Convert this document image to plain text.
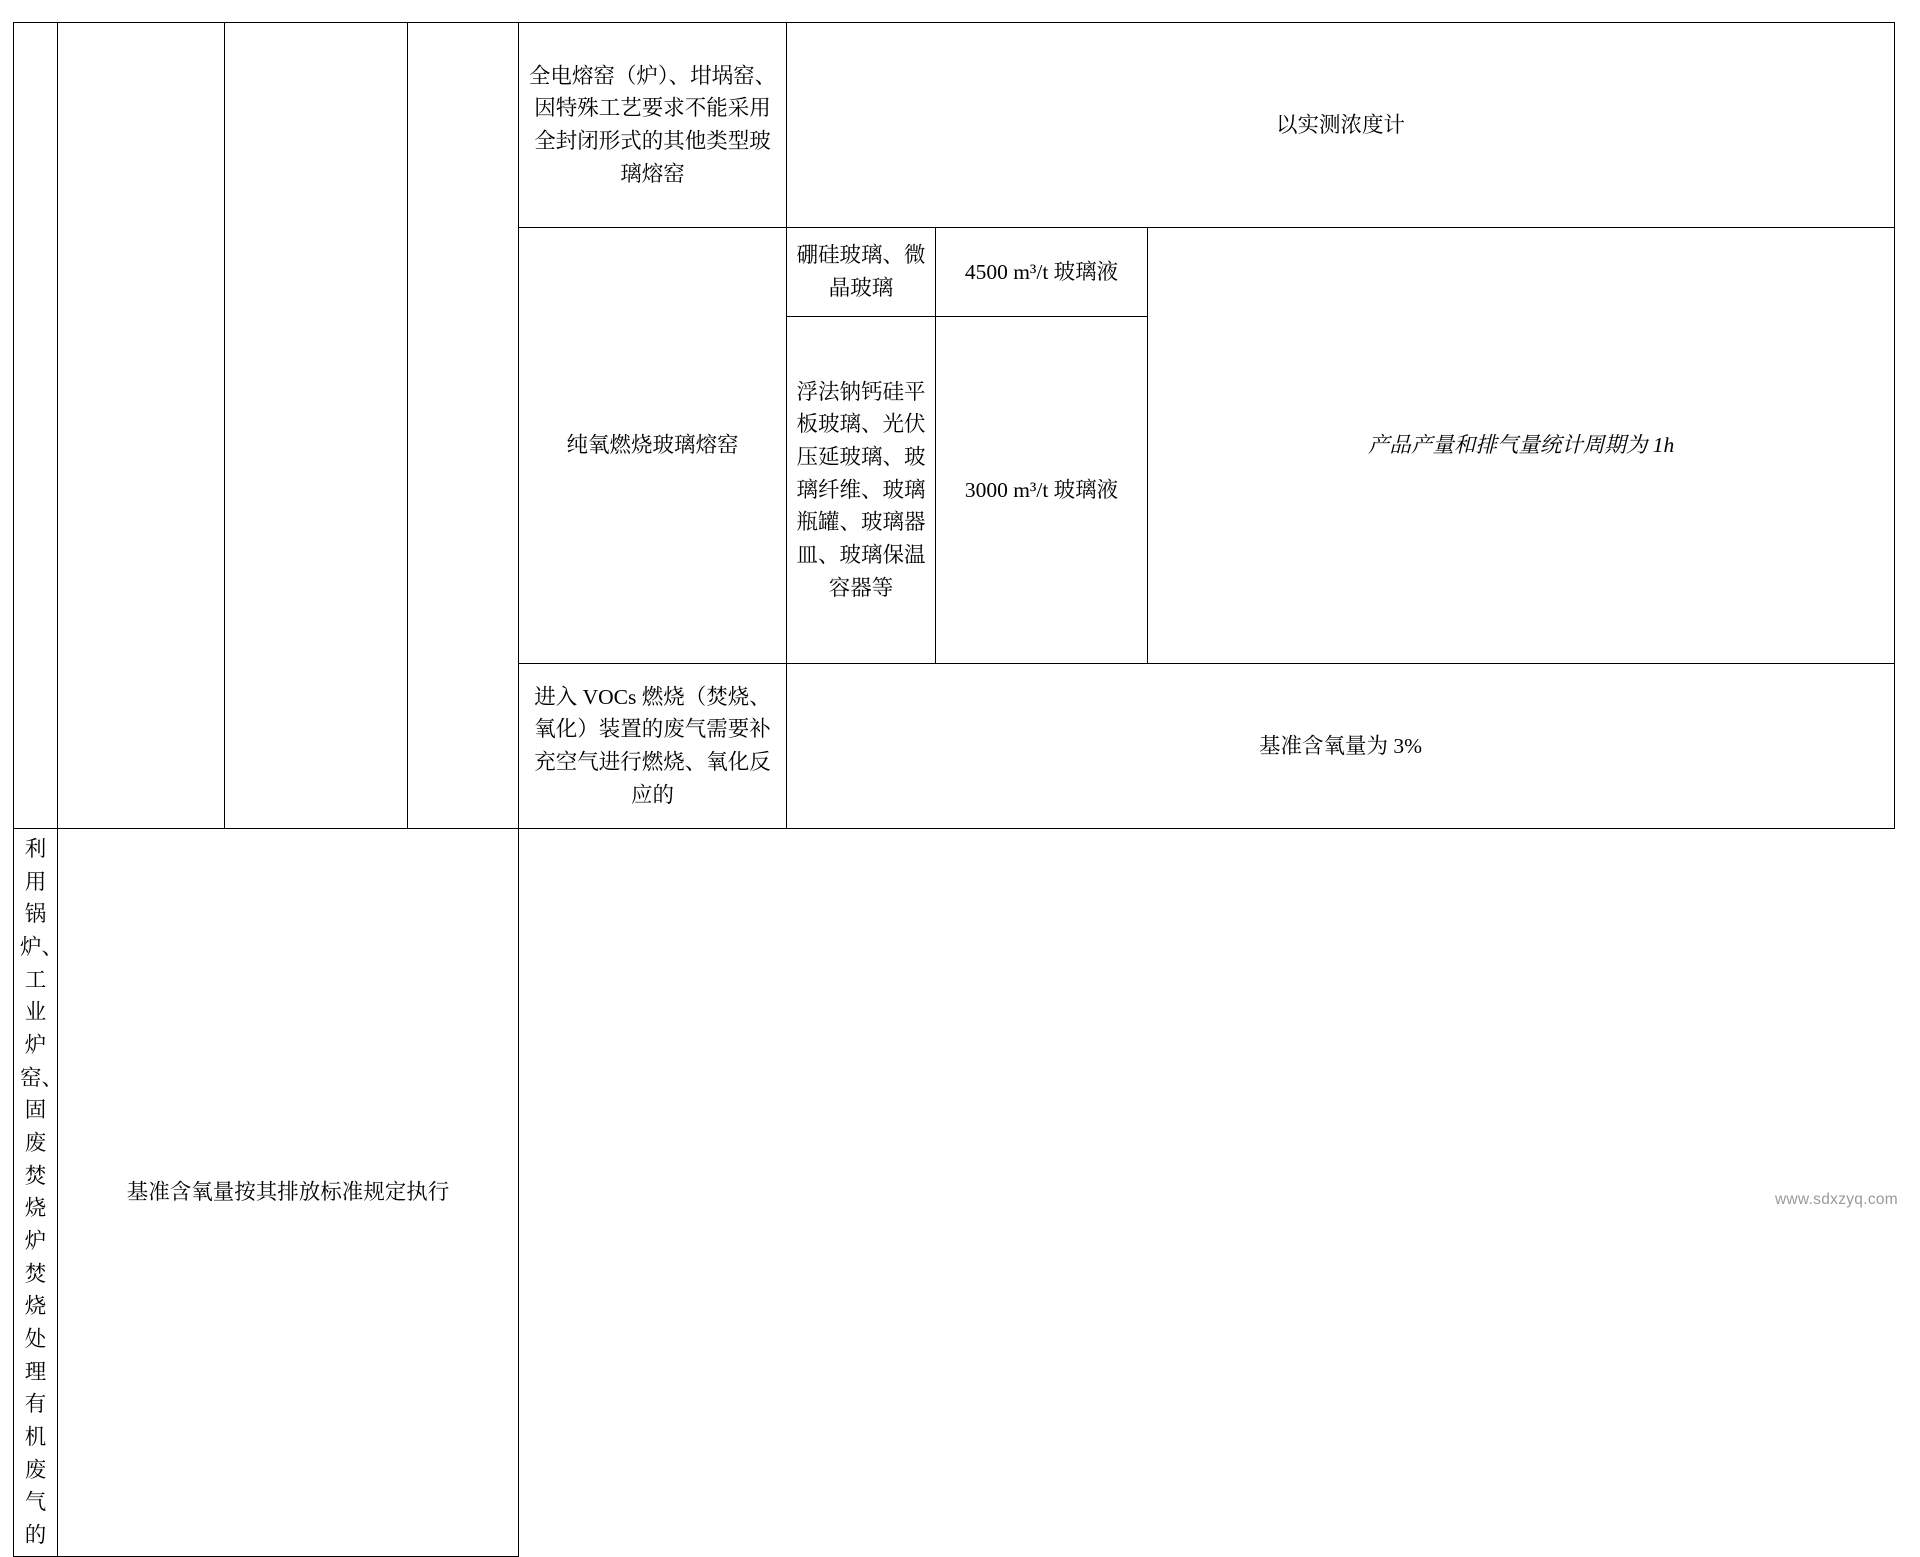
				全电熔窑（炉）、坩埚窑、因特殊工艺要求不能采用全封闭形式的其他类型玻璃熔窑	以实测浓度计		
				纯氧燃烧玻璃熔窑	硼硅玻璃、微晶玻璃	4500 m³/t 玻璃液	产品产量和排气量统计周期为 1h
					浮法钠钙硅平板玻璃、光伏压延玻璃、玻璃纤维、玻璃瓶罐、玻璃器皿、玻璃保温容器等	3000 m³/t 玻璃液	
				进入 VOCs 燃烧（焚烧、氧化）装置的废气需要补充空气进行燃烧、氧化反应的	基准含氧量为 3%		
利用锅炉、 工业炉窑、固废焚烧炉焚烧处理有机废气的	基准含氧量按其排放标准规定执行							www.sdxzyq.com
